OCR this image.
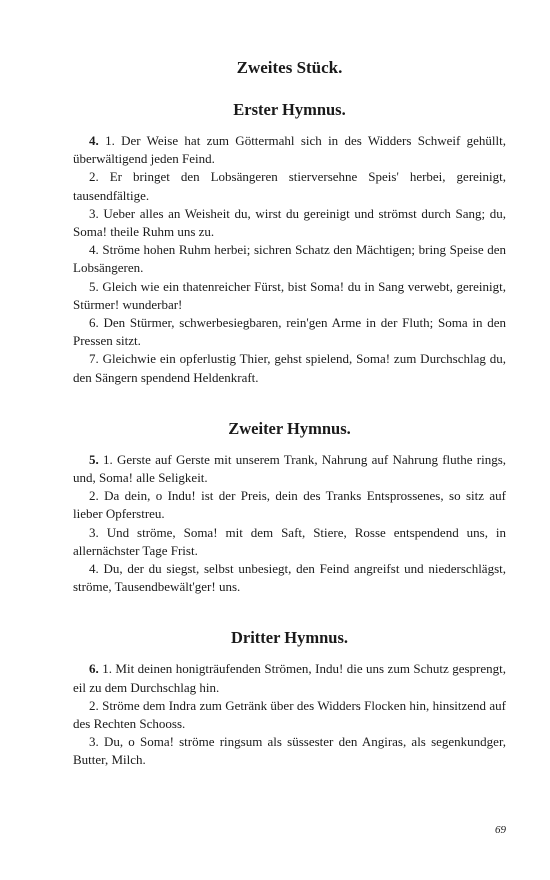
Zweites Stück.
Erster Hymnus.

4. 1. Der Weise hat zum Göttermahl sich in des Widders Schweif gehüllt, überwältigend jeden Feind.

2. Er bringet den Lobsängeren stierversehne Speis' herbei, gereinigt, tausendfältige.

3. Ueber alles an Weisheit du, wirst du gereinigt und strömst durch Sang; du, Soma! theile Ruhm uns zu.

4. Ströme hohen Ruhm herbei; sichren Schatz den Mächtigen; bring Speise den Lobsängeren.

5. Gleich wie ein thatenreicher Fürst, bist Soma! du in Sang verwebt, gereinigt, Stürmer! wunderbar!

6. Den Stürmer, schwerbesiegbaren, rein'gen Arme in der Fluth; Soma in den Pressen sitzt.

7. Gleichwie ein opferlustig Thier, gehst spielend, Soma! zum Durchschlag du, den Sängern spendend Heldenkraft.

Zweiter Hymnus.

5. 1. Gerste auf Gerste mit unserem Trank, Nahrung auf Nahrung fluthe rings, und, Soma! alle Seligkeit.

2. Da dein, o Indu! ist der Preis, dein des Tranks Entsprossenes, so sitz auf lieber Opferstreu.

3. Und ströme, Soma! mit dem Saft, Stiere, Rosse entspendend uns, in allernächster Tage Frist.

4. Du, der du siegst, selbst unbesiegt, den Feind angreifst und niederschlägst, ströme, Tausendbewält'ger! uns.

Dritter Hymnus.

6. 1. Mit deinen honigträufenden Strömen, Indu! die uns zum Schutz gesprengt, eil zu dem Durchschlag hin.

2. Ströme dem Indra zum Getränk über des Widders Flocken hin, hinsitzend auf des Rechten Schooss.

3. Du, o Soma! ströme ringsum als süssester den Angiras, als segenkundger, Butter, Milch.

69
